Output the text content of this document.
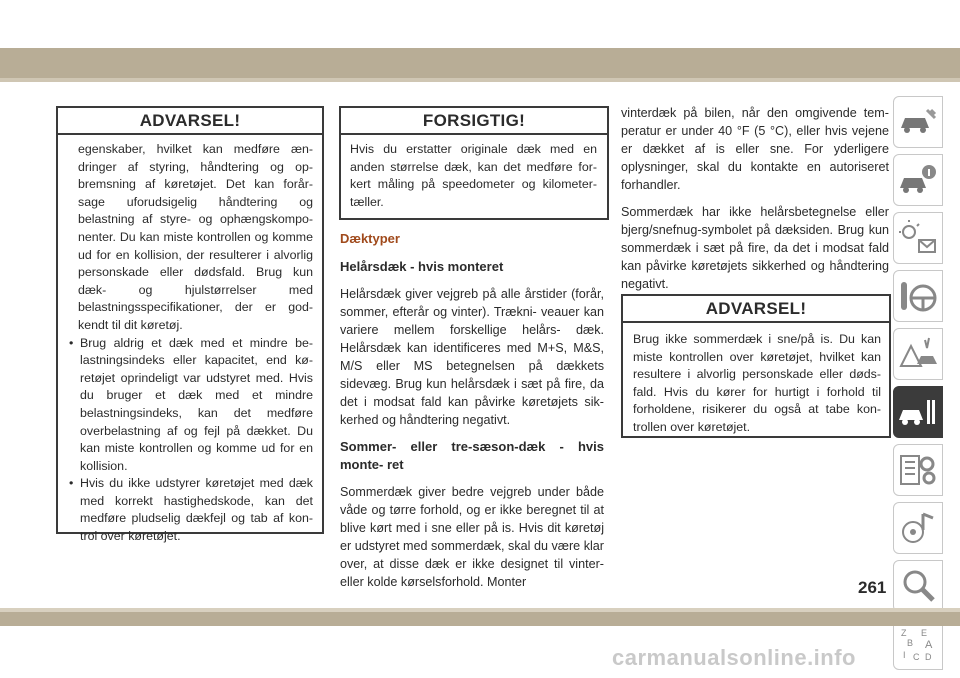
ADVARSEL!
egenskaber, hvilket kan medføre æn- dringer af styring, håndtering og op- bremsning af køretøjet. Det kan forår- sage uforudsigelig håndtering og belastning af styre- og ophængskompo- nenter. Du kan miste kontrollen og komme ud for en kollision, der resulterer i alvorlig personskade eller dødsfald. Brug kun dæk- og hjulstørrelser med belastningsspecifikationer, der er god- kendt til dit køretøj.
• Brug aldrig et dæk med et mindre be- lastningsindeks eller kapacitet, end kø- retøjet oprindeligt var udstyret med. Hvis du bruger et dæk med et mindre belastningsindeks, kan det medføre overbelastning af og fejl på dækket. Du kan miste kontrollen og komme ud for en kollision.
• Hvis du ikke udstyrer køretøjet med dæk med korrekt hastighedskode, kan det medføre pludselig dækfejl og tab af kon- trol over køretøjet.
FORSIGTIG!
Hvis du erstatter originale dæk med en anden størrelse dæk, kan det medføre for- kert måling på speedometer og kilometer- tæller.
Dæktyper
Helårsdæk - hvis monteret

Helårsdæk giver vejgreb på alle årstider (forår, sommer, efterår og vinter). Trækni- veauer kan variere mellem forskellige helårs- dæk. Helårsdæk kan identificeres med M+S, M&S, M/S eller MS betegnelsen på dækkets sidevæg. Brug kun helårsdæk i sæt på fire, da det i modsat fald kan påvirke køretøjets sik- kerhed og håndtering negativt.

Sommer- eller tre-sæson-dæk - hvis monte- ret

Sommerdæk giver bedre vejgreb under både våde og tørre forhold, og er ikke beregnet til at blive kørt med i sne eller på is. Hvis dit køretøj er udstyret med sommerdæk, skal du være klar over, at disse dæk er ikke designet til vinter- eller kolde kørselsforhold. Monter

vinterdæk på bilen, når den omgivende tem- peratur er under 40 °F (5 °C), eller hvis vejene er dækket af is eller sne. For yderligere oplysninger, skal du kontakte en autoriseret forhandler.

Sommerdæk har ikke helårsbetegnelse eller bjerg/snefnug-symbolet på dæksiden. Brug kun sommerdæk i sæt på fire, da det i modsat fald kan påvirke køretøjets sikkerhed og håndtering negativt.

ADVARSEL!
Brug ikke sommerdæk i sne/på is. Du kan miste kontrollen over køretøjet, hvilket kan resultere i alvorlig personskade eller døds- fald. Hvis du kører for hurtigt i forhold til forholdene, risikerer du også at tabe kon- trollen over køretøjet.
Z E
B A
I C D
261
carmanualsonline.info
